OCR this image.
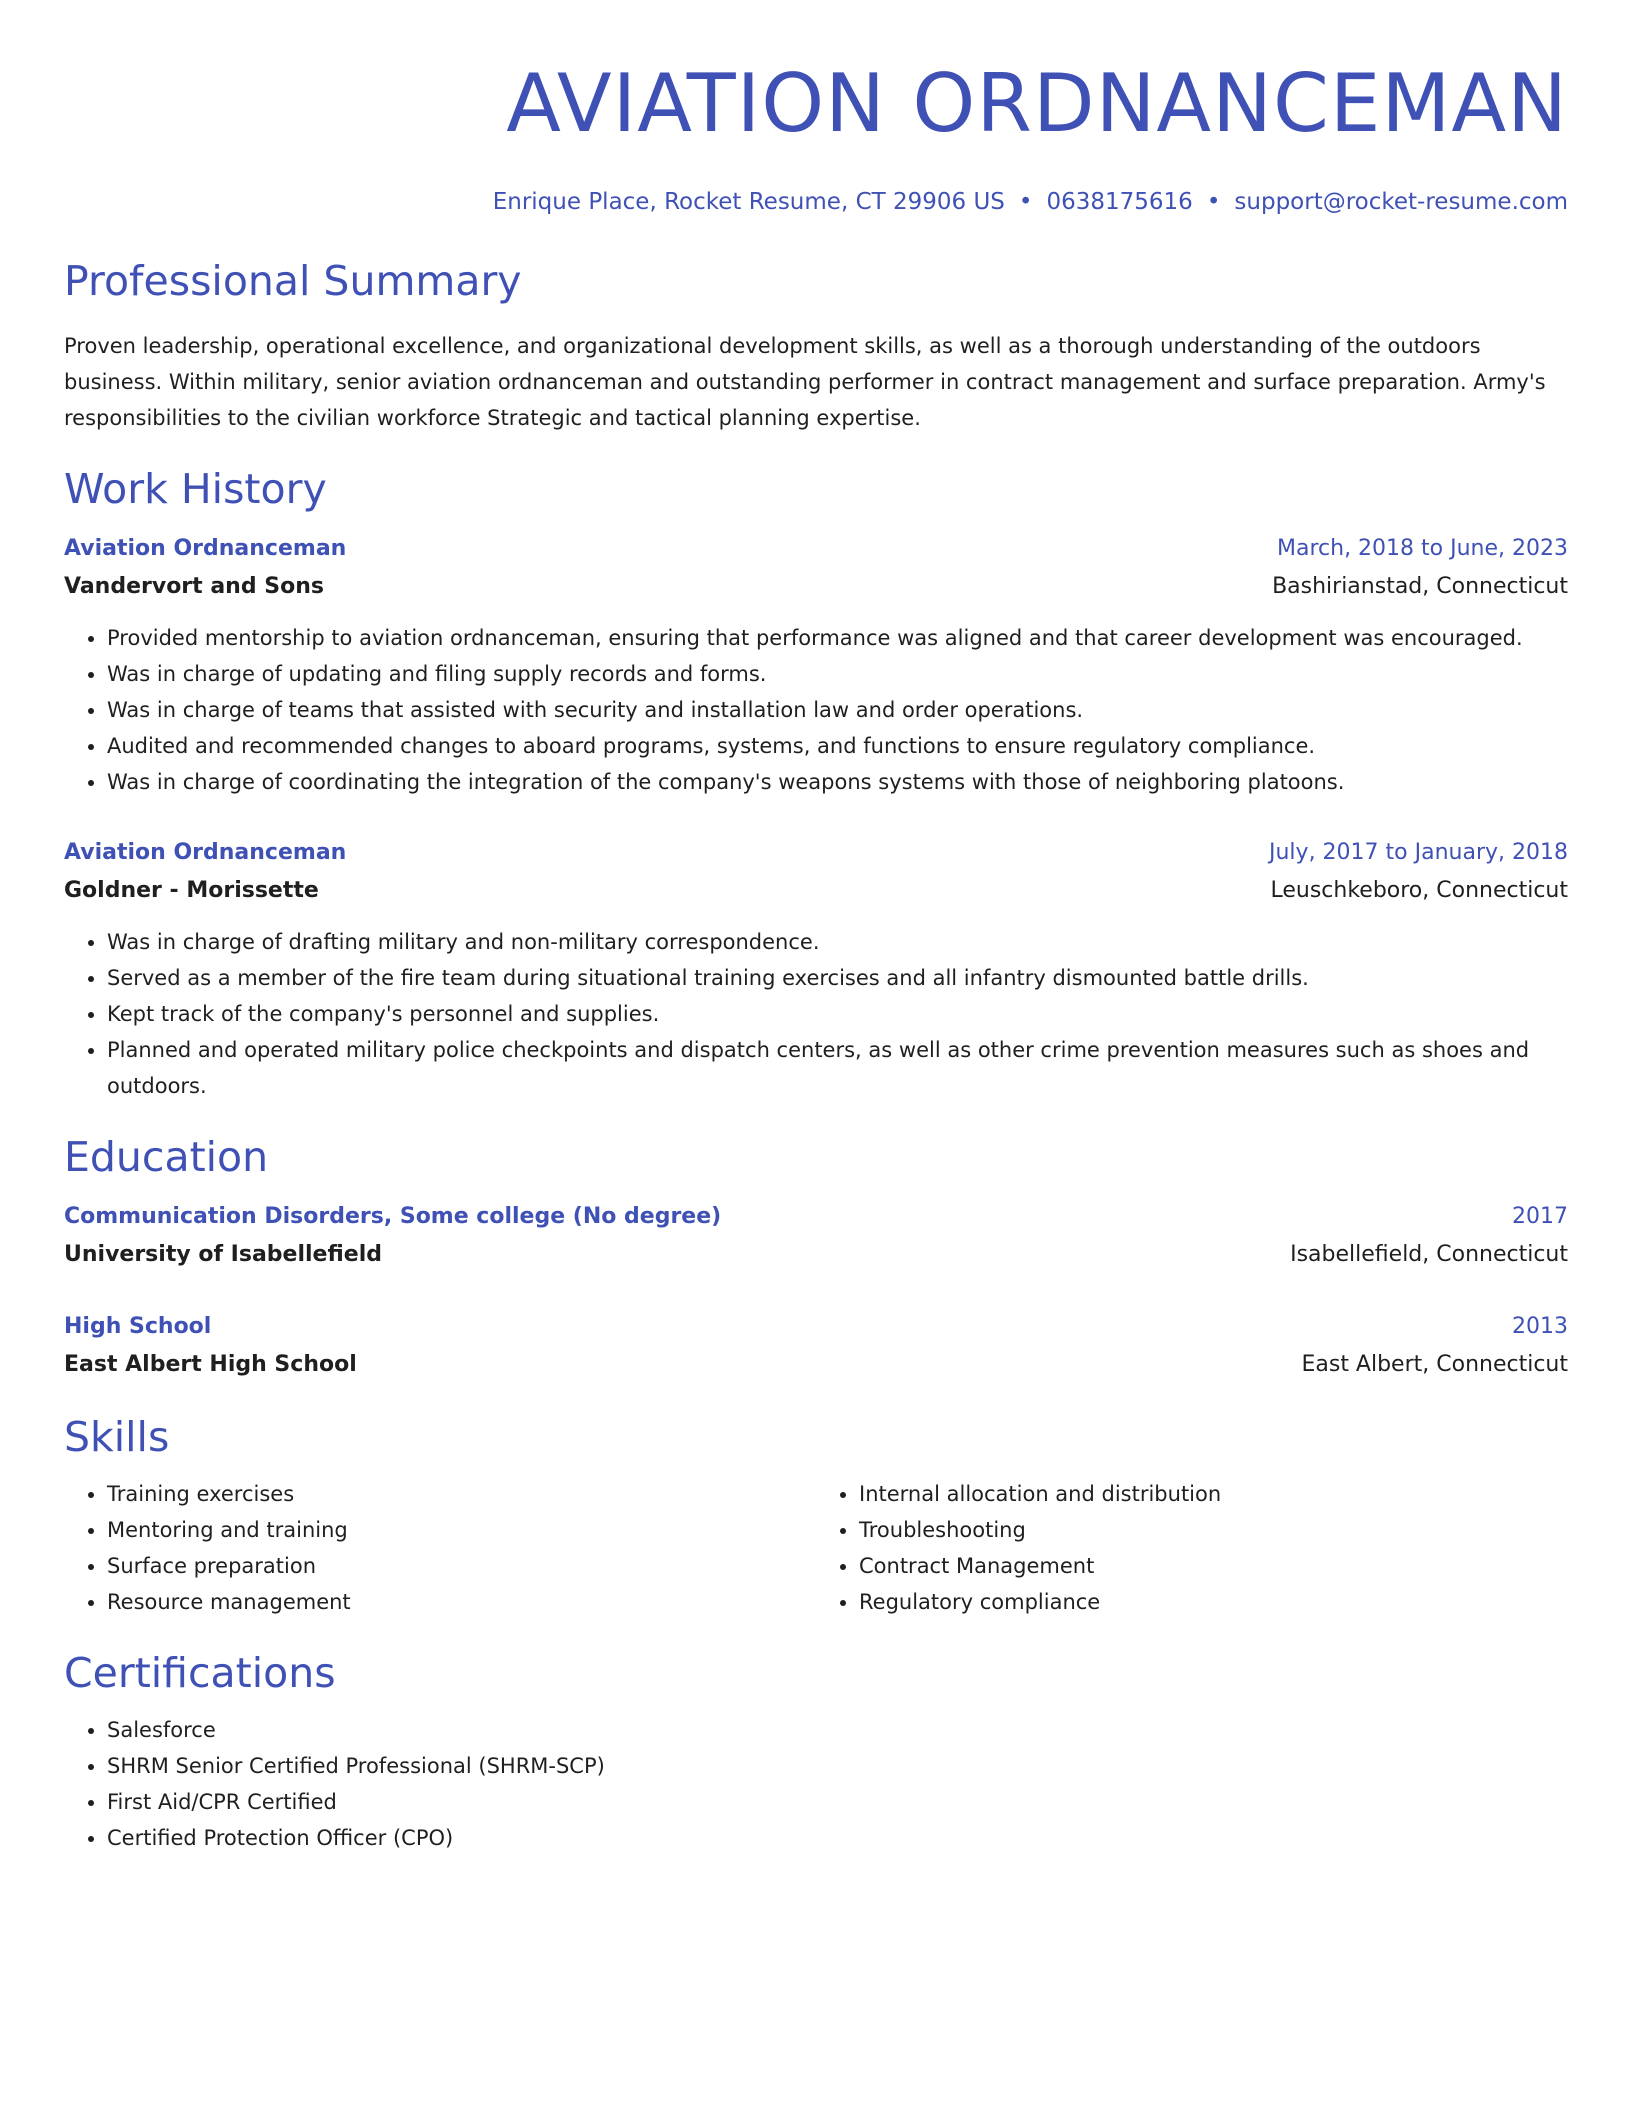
AVIATION ORDNANCEMAN
Enrique Place, Rocket Resume, CT 29906 US • 0638175616 • support@rocket-resume.com
Professional Summary

Proven leadership, operational excellence, and organizational development skills, as well as a thorough understanding of the outdoors business. Within military, senior aviation ordnanceman and outstanding performer in contract management and surface preparation. Army's responsibilities to the civilian workforce Strategic and tactical planning expertise.

Work History
Aviation Ordnanceman	March, 2018 to June, 2023
Vandervort and Sons	Bashirianstad, Connecticut
• Provided mentorship to aviation ordnanceman, ensuring that performance was aligned and that career development was encouraged.
• Was in charge of updating and filing supply records and forms.
• Was in charge of teams that assisted with security and installation law and order operations.
• Audited and recommended changes to aboard programs, systems, and functions to ensure regulatory compliance.
• Was in charge of coordinating the integration of the company's weapons systems with those of neighboring platoons.
Aviation Ordnanceman	July, 2017 to January, 2018
Goldner - Morissette	Leuschkeboro, Connecticut
• Was in charge of drafting military and non-military correspondence.
• Served as a member of the fire team during situational training exercises and all infantry dismounted battle drills.
• Kept track of the company's personnel and supplies.
• Planned and operated military police checkpoints and dispatch centers, as well as other crime prevention measures such as shoes and outdoors.
Education
Communication Disorders, Some college (No degree)	2017
University of Isabellefield	Isabellefield, Connecticut
High School	2013
East Albert High School	East Albert, Connecticut
Skills
• Training exercises
• Mentoring and training
• Surface preparation
• Resource management
• Internal allocation and distribution
• Troubleshooting
• Contract Management
• Regulatory compliance
Certifications
• Salesforce
• SHRM Senior Certified Professional (SHRM-SCP)
• First Aid/CPR Certified
• Certified Protection Officer (CPO)
